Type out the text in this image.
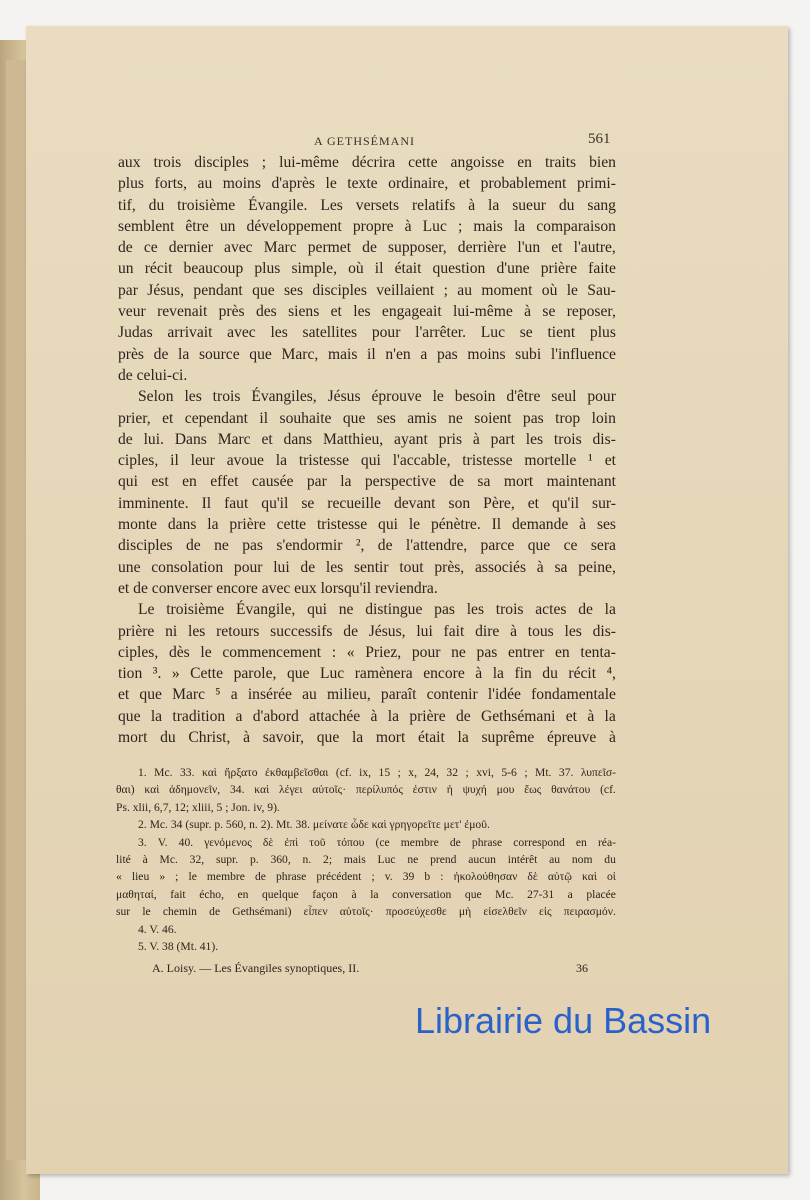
A GETHSÉMANI	561
aux trois disciples ; lui-même décrira cette angoisse en traits bien
plus forts, au moins d'après le texte ordinaire, et probablement primi-
tif, du troisième Évangile. Les versets relatifs à la sueur du sang
semblent être un développement propre à Luc ; mais la comparaison
de ce dernier avec Marc permet de supposer, derrière l'un et l'autre,
un récit beaucoup plus simple, où il était question d'une prière faite
par Jésus, pendant que ses disciples veillaient ; au moment où le Sau-
veur revenait près des siens et les engageait lui-même à se reposer,
Judas arrivait avec les satellites pour l'arrêter. Luc se tient plus
près de la source que Marc, mais il n'en a pas moins subi l'influence
de celui-ci.
Selon les trois Évangiles, Jésus éprouve le besoin d'être seul pour
prier, et cependant il souhaite que ses amis ne soient pas trop loin
de lui. Dans Marc et dans Matthieu, ayant pris à part les trois dis-
ciples, il leur avoue la tristesse qui l'accable, tristesse mortelle ¹ et
qui est en effet causée par la perspective de sa mort maintenant
imminente. Il faut qu'il se recueille devant son Père, et qu'il sur-
monte dans la prière cette tristesse qui le pénètre. Il demande à ses
disciples de ne pas s'endormir ², de l'attendre, parce que ce sera
une consolation pour lui de les sentir tout près, associés à sa peine,
et de converser encore avec eux lorsqu'il reviendra.
Le troisième Évangile, qui ne distingue pas les trois actes de la
prière ni les retours successifs de Jésus, lui fait dire à tous les dis-
ciples, dès le commencement : « Priez, pour ne pas entrer en tenta-
tion ³. » Cette parole, que Luc ramènera encore à la fin du récit ⁴,
et que Marc ⁵ a insérée au milieu, paraît contenir l'idée fondamentale
que la tradition a d'abord attachée à la prière de Gethsémani et à la
mort du Christ, à savoir, que la mort était la suprême épreuve à
1. Mc. 33. καὶ ἤρξατο ἐκθαμβεῖσθαι (cf. ix, 15 ; x, 24, 32 ; xvi, 5-6 ; Mt. 37. λυπεῖσ-
θαι) καὶ ἀδημονεῖν, 34. καὶ λέγει αὐτοῖς· περίλυπός ἐστιν ἡ ψυχή μου ἕως θανάτου (cf.
Ps. xlii, 6,7, 12; xliii, 5 ; Jon. iv, 9).
2. Mc. 34 (supr. p. 560, n. 2). Mt. 38. μείνατε ὧδε καὶ γρηγορεῖτε μετ' ἐμοῦ.
3. V. 40. γενόμενος δὲ ἐπὶ τοῦ τόπου (ce membre de phrase correspond en réa-
lité à Mc. 32, supr. p. 360, n. 2; mais Luc ne prend aucun intérêt au nom du
« lieu » ; le membre de phrase précédent ; v. 39 b : ἠκολούθησαν δὲ αὐτῷ καὶ οἱ
μαθηταί, fait écho, en quelque façon à la conversation que Mc. 27-31 a placée
sur le chemin de Gethsémani) εἶπεν αὐτοῖς· προσεύχεσθε μὴ εἰσελθεῖν εἰς πειρασμόν.
4. V. 46.
5. V. 38 (Mt. 41).
A. Loisy. — Les Évangiles synoptiques, II.	36
Librairie du Bassin
